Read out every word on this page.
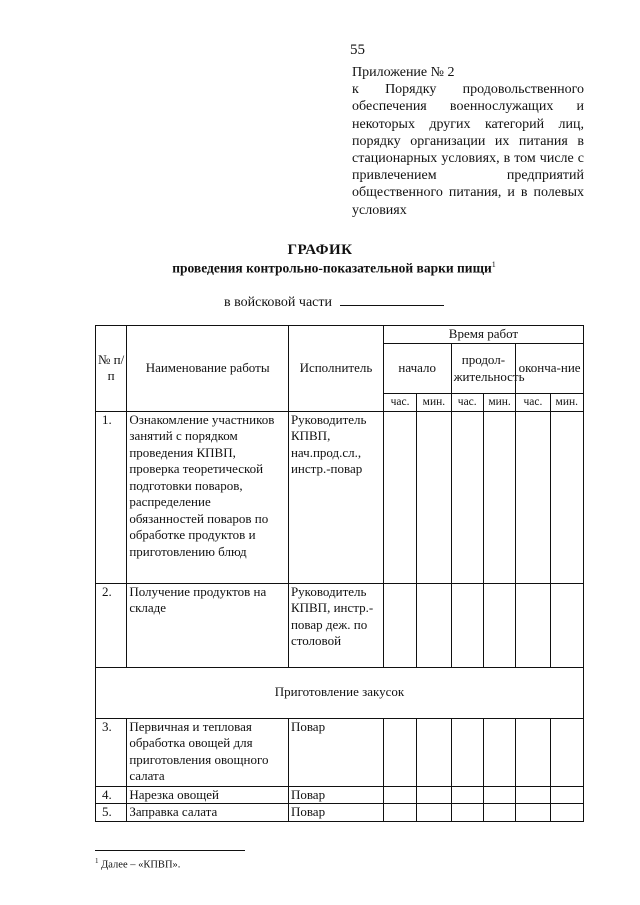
55
Приложение № 2
к Порядку продовольственного обеспечения военнослужащих и некоторых других категорий лиц, порядку организации их питания в стационарных условиях, в том числе с привлечением предприятий общественного питания, и в полевых условиях
ГРАФИК
проведения контрольно-показательной варки пищи$^1$
в войсковой части
№ п/п	Наименование работы	Исполнитель	Время работ					
			начало		продол-жительность		оконча-ние	
			час.	мин.	час.	мин.	час.	мин.
1.	Ознакомление участников занятий с порядком проведения КПВП, проверка теоретической подготовки поваров, распределение обязанностей поваров по обработке продуктов и приготовлению блюд	Руководитель КПВП, нач.прод.сл., инстр.-повар						
2.	Получение продуктов на складе	Руководитель КПВП, инстр.-повар деж. по столовой						
Приготовление закусок								
3.	Первичная и тепловая обработка овощей для приготовления овощного салата	Повар						
4.	Нарезка овощей	Повар						
5.	Заправка салата	Повар						
$^1$ Далее – «КПВП».
